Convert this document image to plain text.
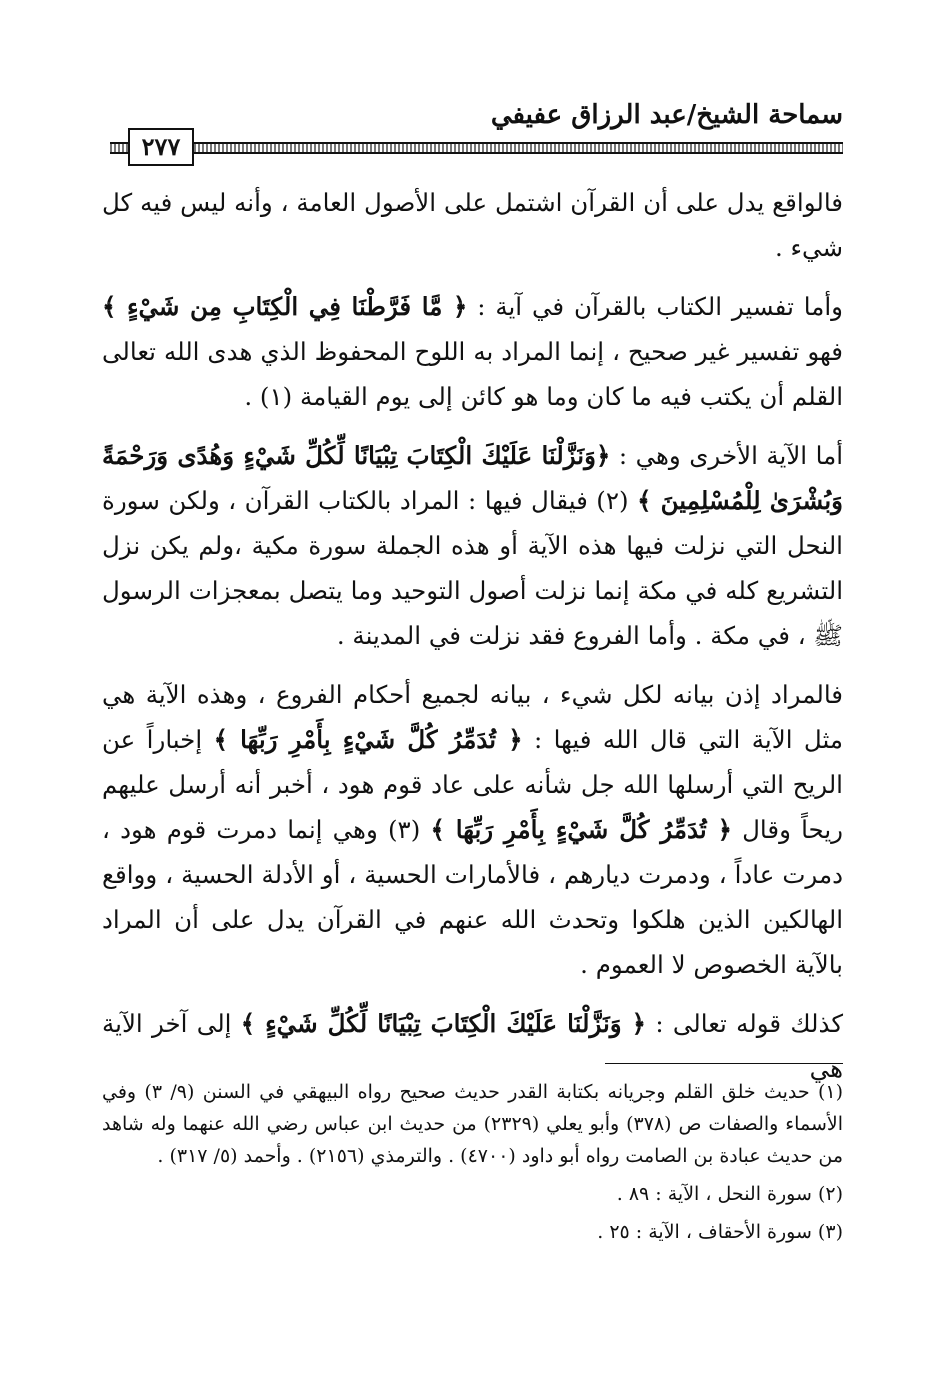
سماحة الشيخ/عبد الرزاق عفيفي
٢٧٧

فالواقع يدل على أن القرآن اشتمل على الأصول العامة ، وأنه ليس فيه كل شيء .

وأما تفسير الكتاب بالقرآن في آية : ﴿ مَّا فَرَّطْنَا فِي الْكِتَابِ مِن شَيْءٍ ﴾ فهو تفسير غير صحيح ، إنما المراد به اللوح المحفوظ الذي هدى الله تعالى القلم أن يكتب فيه ما كان وما هو كائن إلى يوم القيامة (١) .

أما الآية الأخرى وهي : ﴿وَنَزَّلْنَا عَلَيْكَ الْكِتَابَ تِبْيَانًا لِّكُلِّ شَيْءٍ وَهُدًى وَرَحْمَةً وَبُشْرَىٰ لِلْمُسْلِمِينَ ﴾ (٢) فيقال فيها : المراد بالكتاب القرآن ، ولكن سورة النحل التي نزلت فيها هذه الآية أو هذه الجملة سورة مكية ،ولم يكن نزل التشريع كله في مكة إنما نزلت أصول التوحيد وما يتصل بمعجزات الرسول ﷺ ، في مكة . وأما الفروع فقد نزلت في المدينة .

فالمراد إذن بيانه لكل شيء ، بيانه لجميع أحكام الفروع ، وهذه الآية هي مثل الآية التي قال الله فيها : ﴿ تُدَمِّرُ كُلَّ شَيْءٍ بِأَمْرِ رَبِّهَا ﴾ إخباراً عن الريح التي أرسلها الله جل شأنه على عاد قوم هود ، أخبر أنه أرسل عليهم ريحاً وقال ﴿ تُدَمِّرُ كُلَّ شَيْءٍ بِأَمْرِ رَبِّهَا ﴾ (٣) وهي إنما دمرت قوم هود ، دمرت عاداً ، ودمرت ديارهم ، فالأمارات الحسية ، أو الأدلة الحسية ، وواقع الهالكين الذين هلكوا وتحدث الله عنهم في القرآن يدل على أن المراد بالآية الخصوص لا العموم .

كذلك قوله تعالى : ﴿ وَنَزَّلْنَا عَلَيْكَ الْكِتَابَ تِبْيَانًا لِّكُلِّ شَيْءٍ ﴾ إلى آخر الآية هي

(١) حديث خلق القلم وجريانه بكتابة القدر حديث صحيح رواه البيهقي في السنن (٩/ ٣) وفي الأسماء والصفات ص (٣٧٨) وأبو يعلي (٢٣٢٩) من حديث ابن عباس رضي الله عنهما وله شاهد من حديث عبادة بن الصامت رواه أبو داود (٤٧٠٠) . والترمذي (٢١٥٦) . وأحمد (٥/ ٣١٧) .

(٢) سورة النحل ، الآية : ٨٩ .

(٣) سورة الأحقاف ، الآية : ٢٥ .
